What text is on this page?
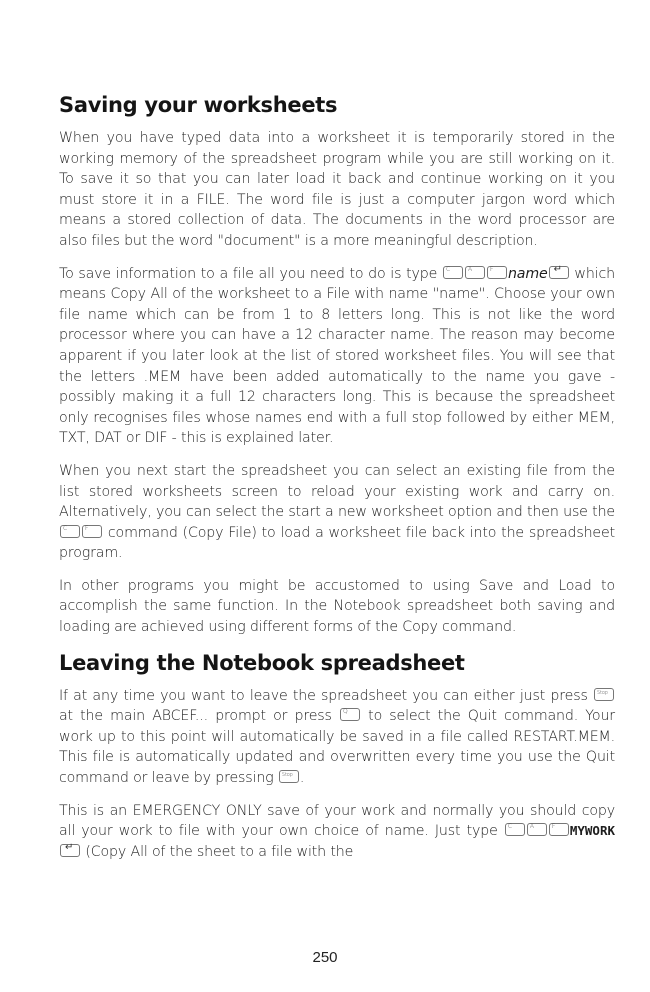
Saving your worksheets

When you have typed data into a worksheet it is temporarily stored in the working memory of the spreadsheet program while you are still working on it. To save it so that you can later load it back and continue working on it you must store it in a FILE. The word file is just a computer jargon word which means a stored collection of data. The documents in the word processor are also files but the word "document" is a more meaningful description.

To save information to a file all you need to do is type C	A	F name ↵ which means Copy All of the worksheet to a File with name "name". Choose your own file name which can be from 1 to 8 letters long. This is not like the word processor where you can have a 12 character name. The reason may become apparent if you later look at the list of stored worksheet files. You will see that the letters .MEM have been added automatically to the name you gave - possibly making it a full 12 characters long. This is because the spreadsheet only recognises files whose names end with a full stop followed by either MEM, TXT, DAT or DIF - this is explained later.

When you next start the spreadsheet you can select an existing file from the list stored worksheets screen to reload your existing work and carry on. Alternatively, you can select the start a new worksheet option and then use the
C	F command (Copy File) to load a worksheet file back into the spreadsheet program.

In other programs you might be accustomed to using Save and Load to accomplish the same function. In the Notebook spreadsheet both saving and loading are achieved using different forms of the Copy command.

Leaving the Notebook spreadsheet

If at any time you want to leave the spreadsheet you can either just press Stop
at the main ABCEF... prompt or press Q to select the Quit command. Your work up to this point will automatically be saved in a file called RESTART.MEM. This file is automatically updated and overwritten every time you use the Quit command or leave by pressing Stop .

This is an EMERGENCY ONLY save of your work and normally you should copy all your work to file with your own choice of name. Just type C	A	F MYWORK
↵ (Copy All of the sheet to a file with the

250
